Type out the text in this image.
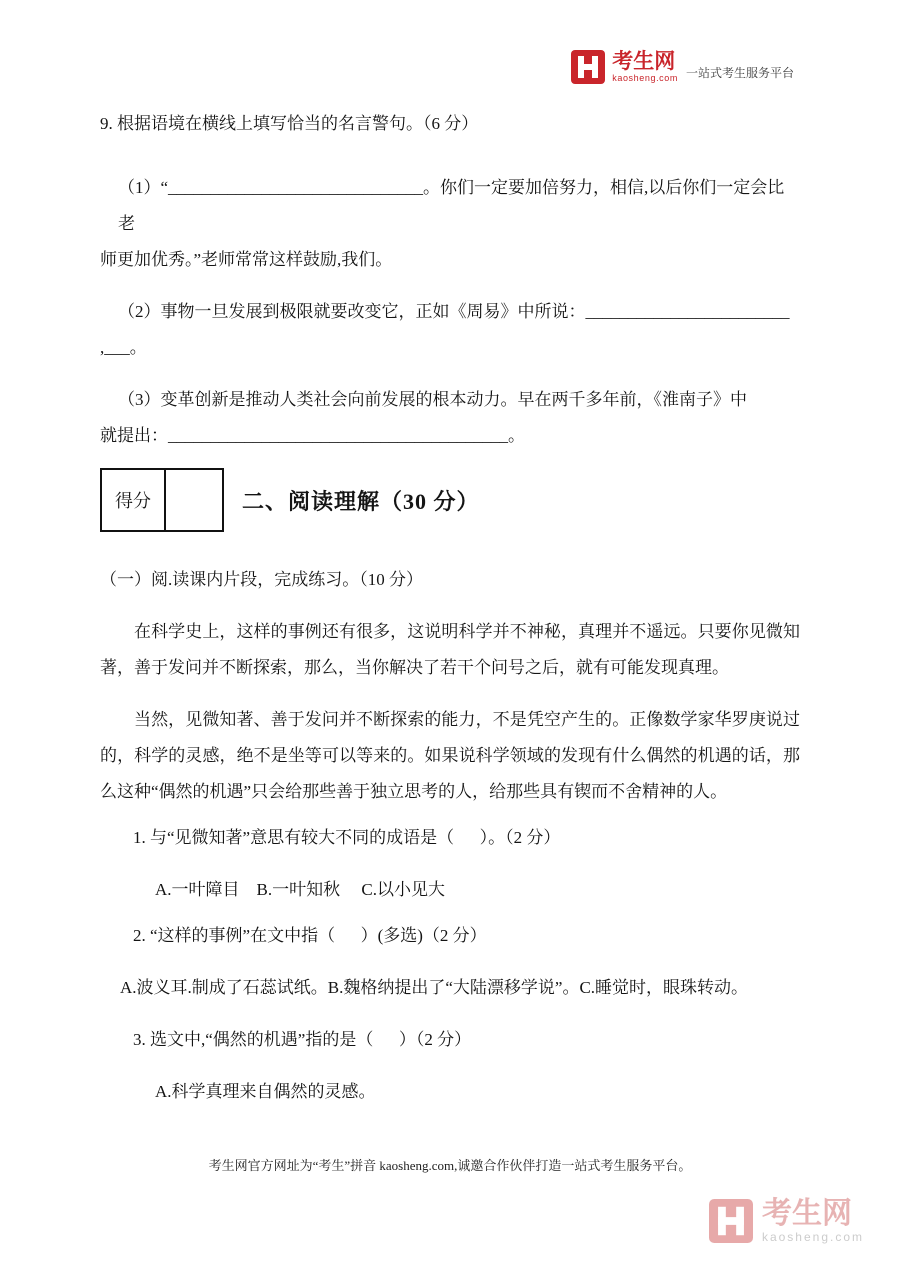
考生网
kaosheng.com 一站式考生服务平台
9. 根据语境在横线上填写恰当的名言警句。（6 分）
（1）“______________________________。你们一定要加倍努力，相信,以后你们一定会比老
师更加优秀。”老师常常这样鼓励,我们。
（2）事物一旦发展到极限就要改变它，正如《周易》中所说：________________________
,___。
（3）变革创新是推动人类社会向前发展的根本动力。早在两千多年前，《淮南子》中
就提出：________________________________________。
得分		二、阅读理解（30 分）
（一）阅.读课内片段，完成练习。（10 分）

在科学史上，这样的事例还有很多，这说明科学并不神秘，真理并不遥远。只要你见微知著，善于发问并不断探索，那么，当你解决了若干个问号之后，就有可能发现真理。

当然，见微知著、善于发问并不断探索的能力，不是凭空产生的。正像数学家华罗庚说过的，科学的灵感，绝不是坐等可以等来的。如果说科学领域的发现有什么偶然的机遇的话，那么这种“偶然的机遇”只会给那些善于独立思考的人，给那些具有锲而不舍精神的人。

1. 与“见微知著”意思有较大不同的成语是（      ）。（2 分）
A.一叶障目    B.一叶知秋     C.以小见大
2. “这样的事例”在文中指（      ）(多选)（2 分）
A.波义耳.制成了石蕊试纸。B.魏格纳提出了“大陆漂移学说”。C.睡觉时，眼珠转动。
3. 选文中,“偶然的机遇”指的是（      ）（2 分）
A.科学真理来自偶然的灵感。
考生网官方网址为“考生”拼音 kaosheng.com,诚邀合作伙伴打造一站式考生服务平台。
考生网
kaosheng.com
